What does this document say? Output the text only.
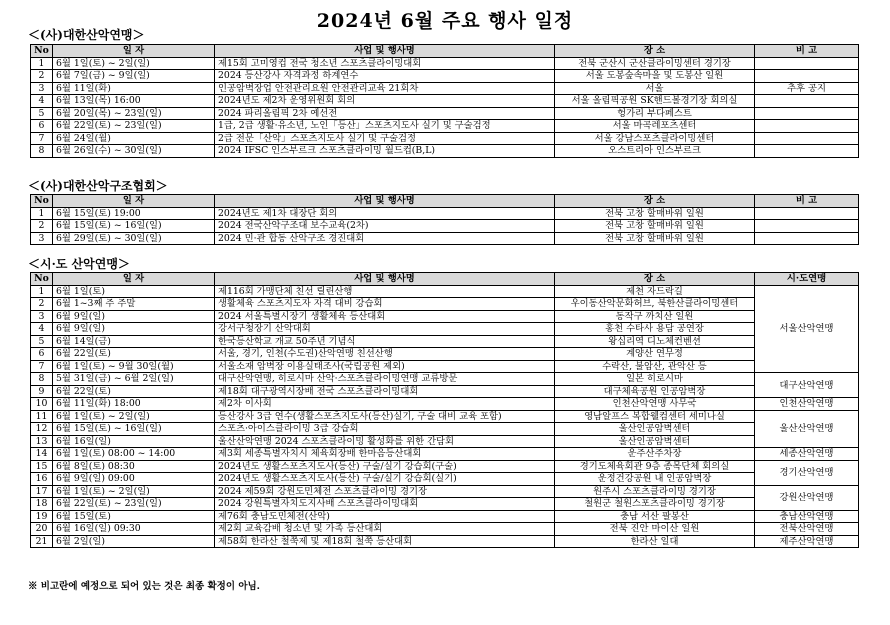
2024년 6월 주요 행사 일정
＜(사)대한산악연맹＞
No	일 자	사업 및 행사명	장 소	비 고
1	6월 1일(토) ~ 2일(일)	제15회 고미영컵 전국 청소년 스포츠클라이밍대회	전북 군산시 군산클라이밍센터 경기장	
2	6월 7일(금) ~ 9일(일)	2024 등산강사 자격과정 하계연수	서울 도봉숲속마을 및 도봉산 일원	
3	6월 11일(화)	인공암벽장업 안전관리요원 안전관리교육 21회차	서울	추후 공지
4	6월 13일(목) 16:00	2024년도 제2차 운영위원회 회의	서울 올림픽공원 SK핸드볼경기장 회의실	
5	6월 20일(목) ~ 23일(일)	2024 파리올림픽 2차 예선전	헝가리 부다페스트	
6	6월 22일(토) ~ 23일(일)	1급, 2급 생활·유소년, 노인「등산」스포츠지도사 실기 및 구술검정	서울 마곡레포츠센터	
7	6월 24일(월)	2급 전문「산악」스포츠지도사 실기 및 구술검정	서울 강남스포츠클라이밍센터	
8	6월 26일(수) ~ 30일(일)	2024 IFSC 인스부르크 스포츠클라이밍 월드컵(B,L)	오스트리아 인스부르크	
＜(사)대한산악구조협회＞
No	일 자	사업 및 행사명	장 소	비 고
1	6월 15일(토) 19:00	2024년도 제1차 대장단 회의	전북 고창 할매바위 일원	
2	6월 15일(토) ~ 16일(일)	2024 전국산악구조대 보수교육(2차)	전북 고창 할매바위 일원	
3	6월 29일(토) ~ 30일(일)	2024 민·관 합동 산악구조 경진대회	전북 고창 할매바위 일원	
＜시·도 산악연맹＞
No	일 자	사업 및 행사명	장 소	시·도연맹
1	6월 1일(토)	제116회 가맹단체 친선 릴린산행	제천 자드락길	서울산악연맹
2	6월 1~3째 주 주말	생활체육 스포츠지도자 자격 대비 강습회	우이동산악문화허브, 북한산클라이밍센터	
3	6월 9일(일)	2024 서울특별시장기 생활체육 등산대회	동작구 까치산 일원	
4	6월 9일(일)	강서구청장기 산악대회	홍천 수타사 용담 공연장	
5	6월 14일(금)	한국등산학교 개교 50주년 기념식	왕십리역 디노체컨벤션	
6	6월 22일(토)	서울, 경기, 인천(수도권)산악연맹 친선산행	계양산 연무정	
7	6월 1일(토) ~ 9월 30일(월)	서울소재 암벽장 이용실태조사(국립공원 제외)	수락산, 불암산, 관악산 등	
8	5월 31일(금) ~ 6월 2일(일)	대구산악연맹, 히로시마 산악·스포츠클라이밍연맹 교류방문	일본 히로시마	대구산악연맹
9	6월 22일(토)	제18회 대구광역시장배 전국 스포츠클라이밍대회	대구체육공원 인공암벽장	
10	6월 11일(화) 18:00	제2차 이사회	인천산악연맹 사무국	인천산악연맹
11	6월 1일(토) ~ 2일(일)	등산강사 3급 연수(생활스포츠지도사(등산)실기, 구술 대비 교육 포함)	영남알프스 복합웰컴센터 세미나실	울산산악연맹
12	6월 15일(토) ~ 16일(일)	스포츠·아이스클라이밍 3급 강습회	울산인공암벽센터	
13	6월 16일(일)	울산산악연맹 2024 스포츠클라이밍 활성화를 위한 간담회	울산인공암벽센터	
14	6월 1일(토) 08:00 ~ 14:00	제3회 세종특별자치시 체육회장배 한마음등산대회	운주산주차장	세종산악연맹
15	6월 8일(토) 08:30	2024년도 생활스포츠지도사(등산) 구술/실기 강습회(구술)	경기도체육회관 9층 종목단체 회의실	경기산악연맹
16	6월 9일(일) 09:00	2024년도 생활스포츠지도사(등산) 구술/실기 강습회(실기)	운정건강공원 내 인공암벽장	
17	6월 1일(토) ~ 2일(일)	2024 제59회 강원도민체전 스포츠클라이밍 경기장	원주시 스포츠클라이밍 경기장	강원산악연맹
18	6월 22일(토) ~ 23일(일)	2024 강원특별자치도지사배 스포츠클라이밍대회	철원군 철원스포츠클라이밍 경기장	
19	6월 15일(토)	제76회 충남도민체전(산악)	충남 서산 팔봉산	충남산악연맹
20	6월 16일(일) 09:30	제2회 교육감배 청소년 및 가족 등산대회	전북 진안 마이산 일원	전북산악연맹
21	6월 2일(일)	제58회 한라산 철쭉제 및 제18회 철쭉 등산대회	한라산 일대	제주산악연맹
※ 비고란에 예정으로 되어 있는 것은 최종 확정이 아님.
